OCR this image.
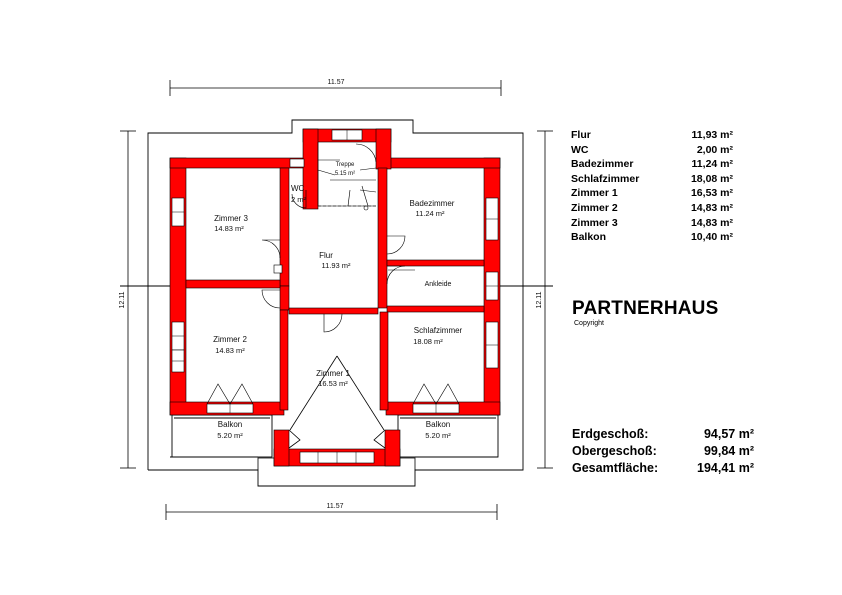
11.57
11.57
12.11	12.11
Treppe
5.15 m²
WC
2 m²
Zimmer 3
14.83 m²
Badezimmer
11.24 m²
Flur
11.93 m²
Ankleide
Zimmer 2
14.83 m²
Schlafzimmer
18.08 m²
Zimmer 1
16.53 m²
Balkon
5.20 m²
Balkon
5.20 m²
Flur	11,93 m²
WC	2,00 m²
Badezimmer	11,24 m²
Schlafzimmer	18,08 m²
Zimmer 1	16,53 m²
Zimmer 2	14,83 m²
Zimmer 3	14,83 m²
Balkon	10,40 m²
PARTNERHAUS
Copyright
Erdgeschoß:	94,57 m²
Obergeschoß:	99,84 m²
Gesamtfläche:	194,41 m²
